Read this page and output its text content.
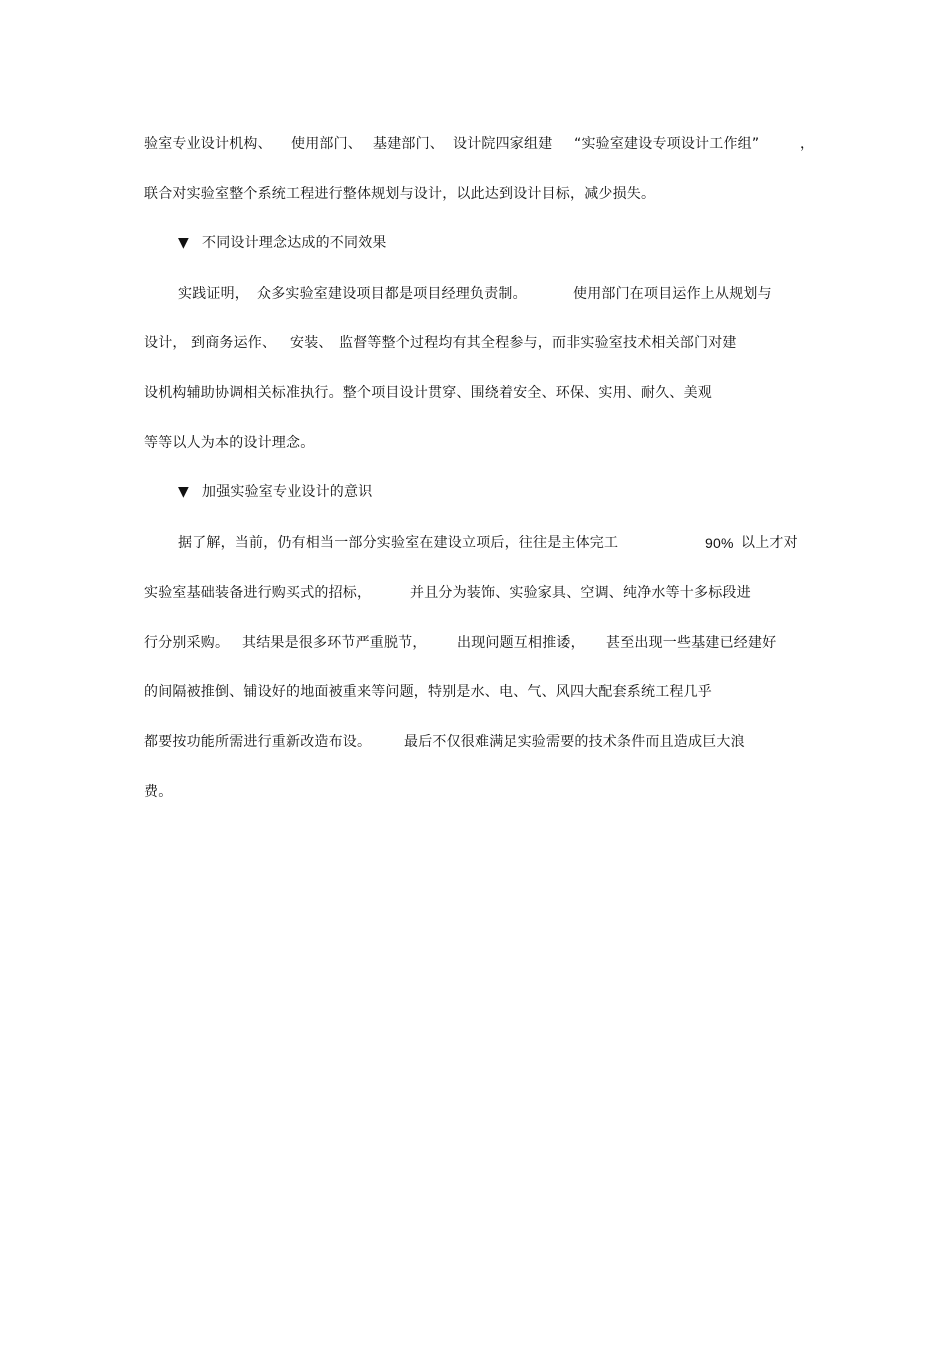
验室专业设计机构、

使用部门、

基建部门、

设计院四家组建

“实验室建设专项设计工作组”

	，

联合对实验室整个系统工程进行整体规划与设计，以此达到设计目标，减少损失。

▼

不同设计理念达成的不同效果

实践证明，

众多实验室建设项目都是项目经理负责制。

	使用部门在项目运作上从规划与

设计，

到商务运作、

安装、

监督等整个过程均有其全程参与，而非实验室技术相关部门对建

设机构辅助协调相关标准执行。整个项目设计贯穿、围绕着安全、环保、实用、耐久、美观

等等以人为本的设计理念。

▼

加强实验室专业设计的意识

据了解，当前，仍有相当一部分实验室在建设立项后，往往是主体完工

	90%

以上才对

实验室基础装备进行购买式的招标，

	并且分为装饰、实验家具、空调、纯净水等十多标段进

行分别采购。

其结果是很多环节严重脱节，

出现问题互相推诿，

甚至出现一些基建已经建好

的间隔被推倒、铺设好的地面被重来等问题，特别是水、电、气、风四大配套系统工程几乎

都要按功能所需进行重新改造布设。

最后不仅很难满足实验需要的技术条件而且造成巨大浪

费。
